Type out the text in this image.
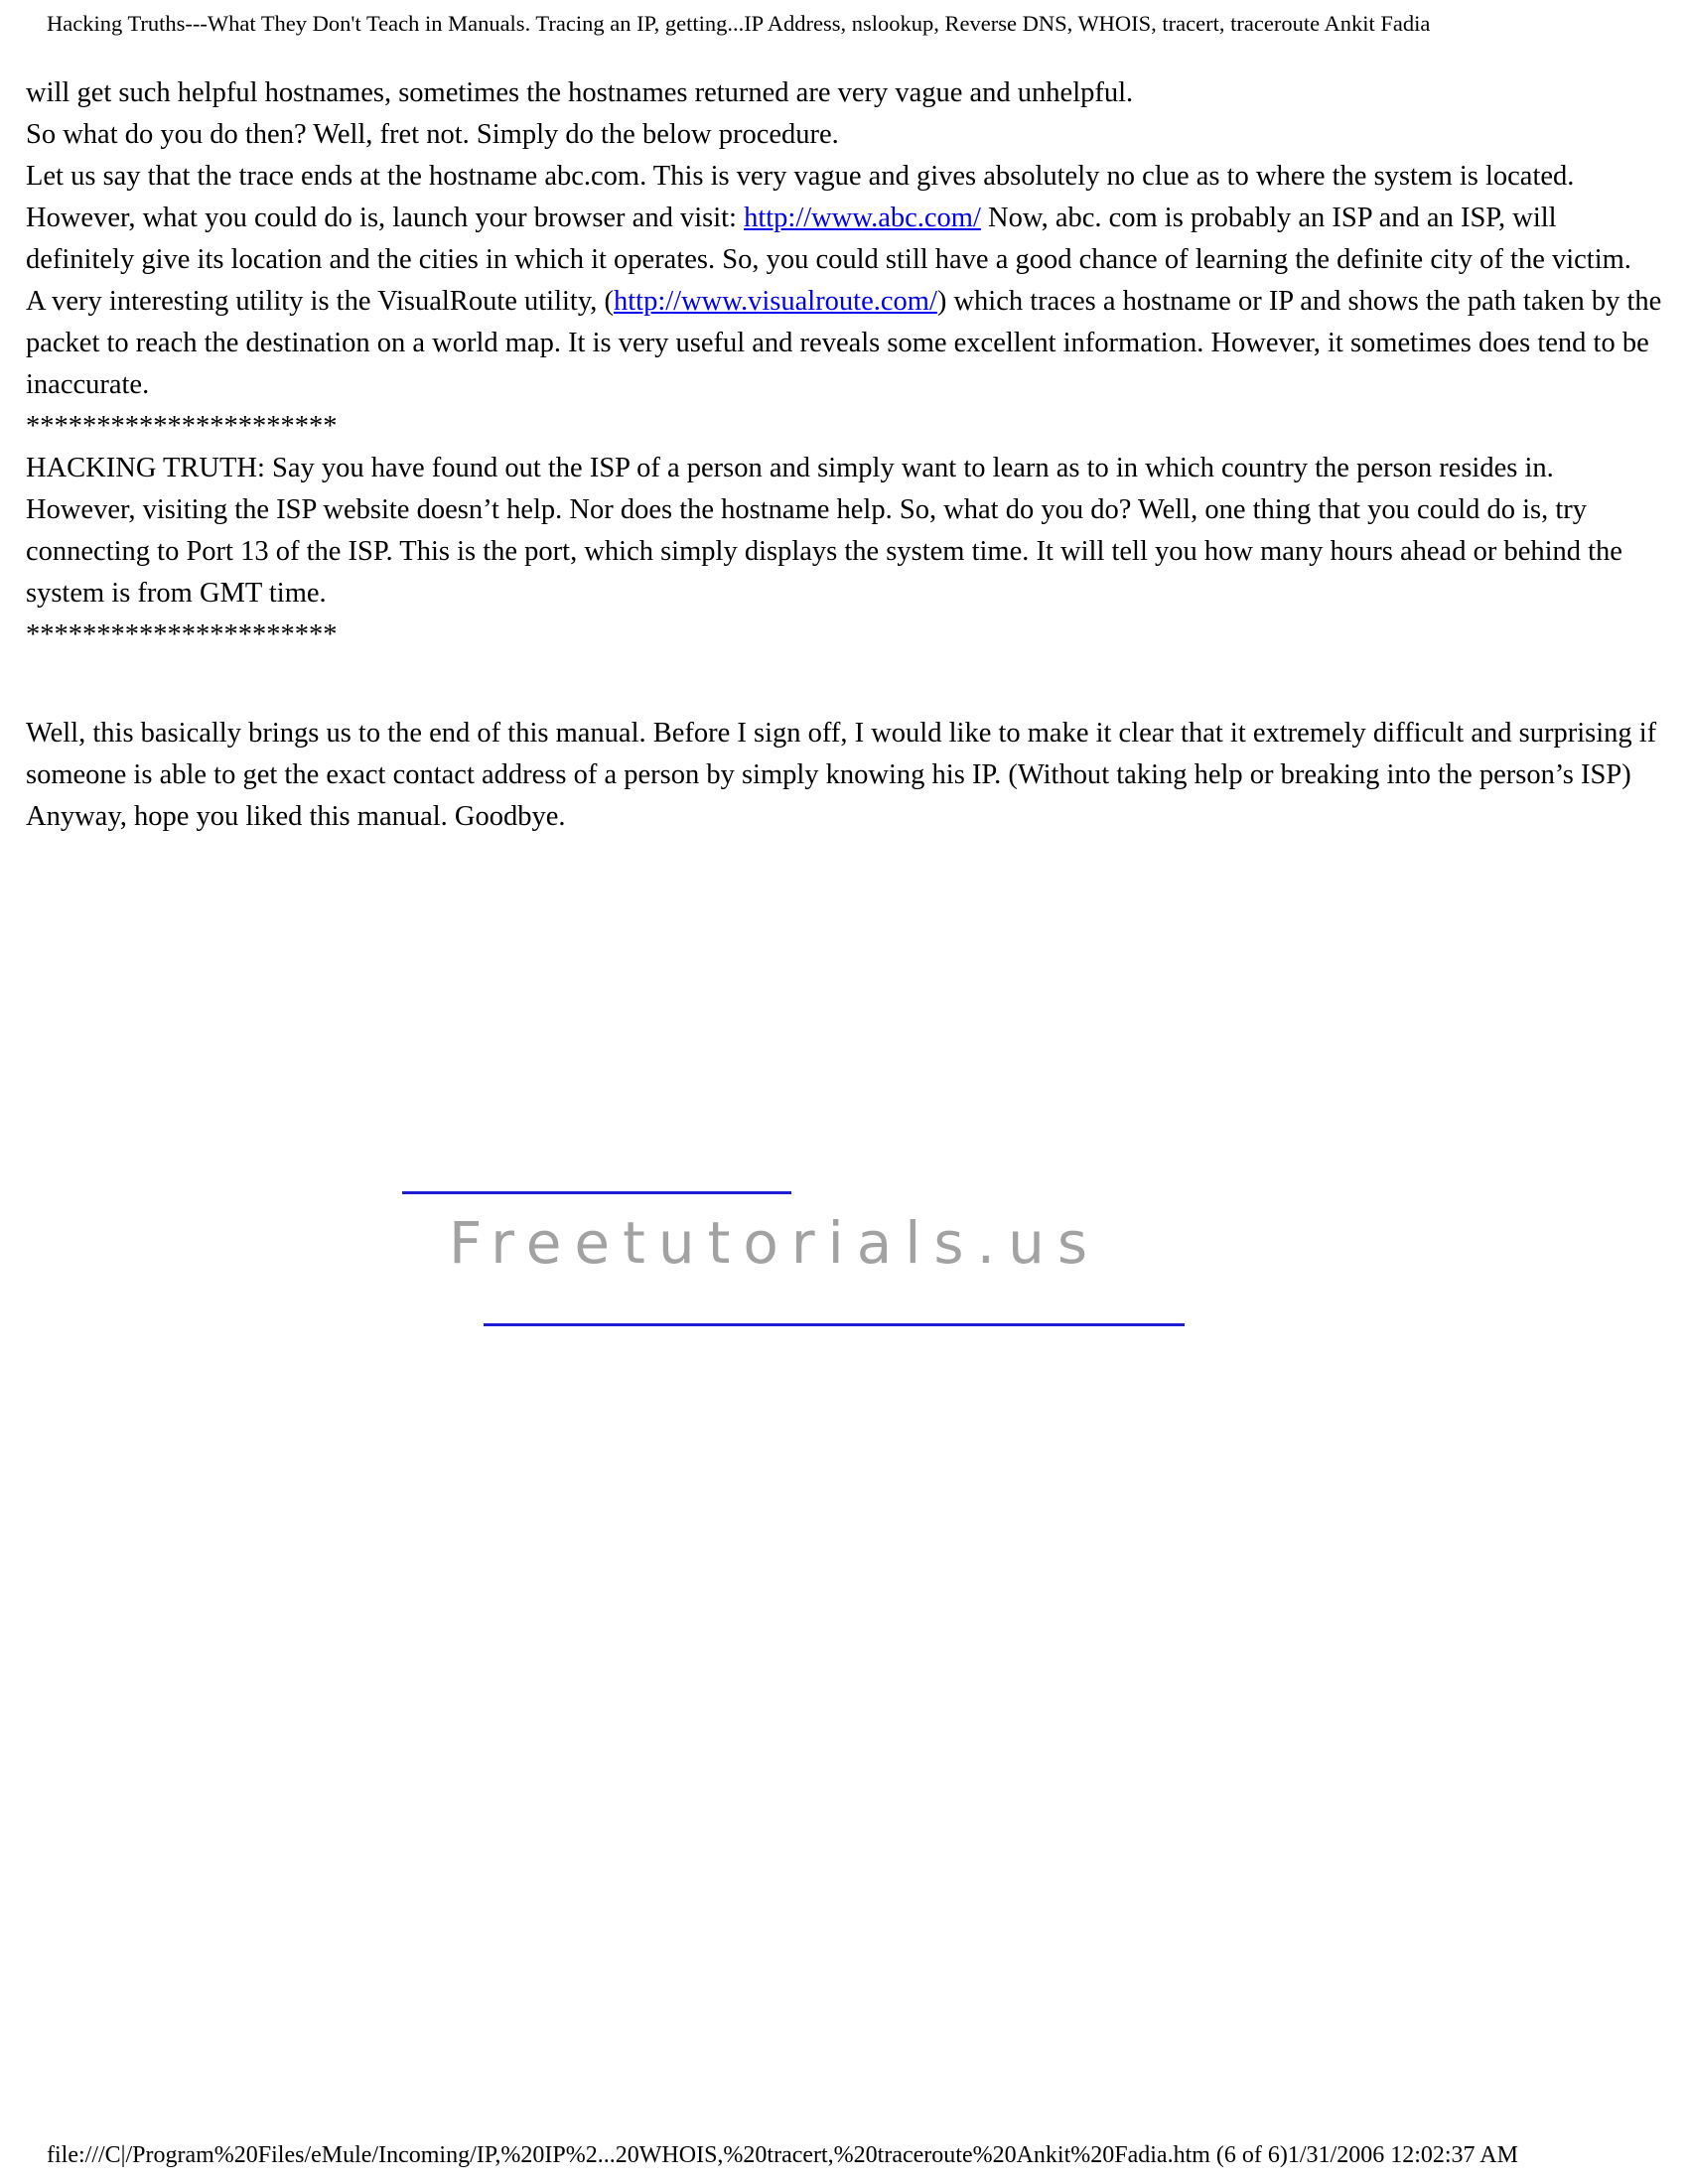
Hacking Truths---What They Don't Teach in Manuals. Tracing an IP, getting...IP Address, nslookup, Reverse DNS, WHOIS, tracert, traceroute Ankit Fadia

will get such helpful hostnames, sometimes the hostnames returned are very vague and unhelpful.
So what do you do then? Well, fret not. Simply do the below procedure.

Let us say that the trace ends at the hostname abc.com. This is very vague and gives absolutely no clue as to where the system is located. However, what you could do is, launch your browser and visit: http://www.abc.com/ Now, abc. com is probably an ISP and an ISP, will definitely give its location and the cities in which it operates. So, you could still have a good chance of learning the definite city of the victim.

A very interesting utility is the VisualRoute utility, (http://www.visualroute.com/) which traces a hostname or IP and shows the path taken by the packet to reach the destination on a world map. It is very useful and reveals some excellent information. However, it sometimes does tend to be inaccurate.

**********************
HACKING TRUTH: Say you have found out the ISP of a person and simply want to learn as to in which country the person resides in. However, visiting the ISP website doesn’t help. Nor does the hostname help. So, what do you do? Well, one thing that you could do is, try connecting to Port 13 of the ISP. This is the port, which simply displays the system time. It will tell you how many hours ahead or behind the system is from GMT time.
**********************

Well, this basically brings us to the end of this manual. Before I sign off, I would like to make it clear that it extremely difficult and surprising if someone is able to get the exact contact address of a person by simply knowing his IP. (Without taking help or breaking into the person’s ISP) Anyway, hope you liked this manual. Goodbye.

Freetutorials.us
file:///C|/Program%20Files/eMule/Incoming/IP,%20IP%2...20WHOIS,%20tracert,%20traceroute%20Ankit%20Fadia.htm (6 of 6)1/31/2006 12:02:37 AM
